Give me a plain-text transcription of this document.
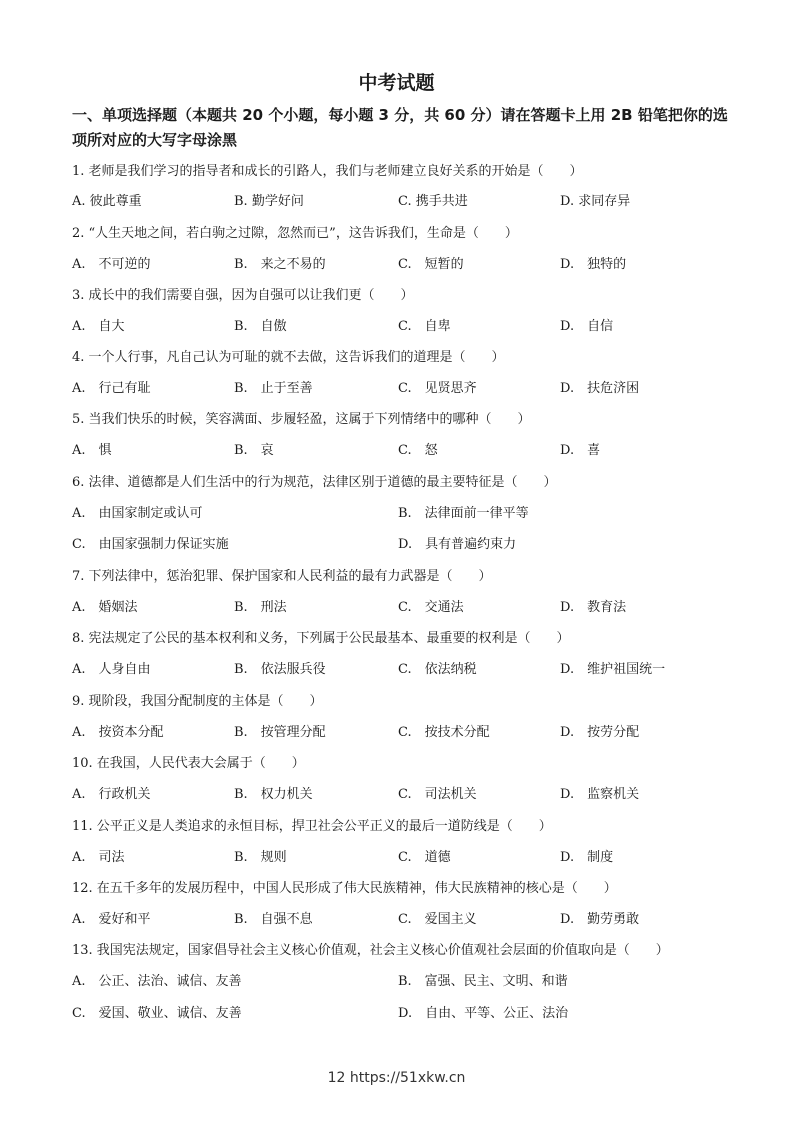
中考试题
一、单项选择题（本题共 20 个小题，每小题 3 分，共 60 分）请在答题卡上用 2B 铅笔把你的选项所对应的大写字母涂黑
1. 老师是我们学习的指导者和成长的引路人，我们与老师建立良好关系的开始是（　　）
A. 彼此尊重	B. 勤学好问	C. 携手共进	D. 求同存异
2. “人生天地之间，若白驹之过隙，忽然而已”，这告诉我们，生命是（　　）
A.　不可逆的	B.　来之不易的	C.　短暂的	D.　独特的
3. 成长中的我们需要自强，因为自强可以让我们更（　　）
A.　自大	B.　自傲	C.　自卑	D.　自信
4. 一个人行事，凡自己认为可耻的就不去做，这告诉我们的道理是（　　）
A.　行己有耻	B.　止于至善	C.　见贤思齐	D.　扶危济困
5. 当我们快乐的时候，笑容满面、步履轻盈，这属于下列情绪中的哪种（　　）
A.　惧	B.　哀	C.　怒	D.　喜
6. 法律、道德都是人们生活中的行为规范，法律区别于道德的最主要特征是（　　）
A.　由国家制定或认可	B.　法律面前一律平等
C.　由国家强制力保证实施	D.　具有普遍约束力
7. 下列法律中，惩治犯罪、保护国家和人民利益的最有力武器是（　　）
A.　婚姻法	B.　刑法	C.　交通法	D.　教育法
8. 宪法规定了公民的基本权利和义务，下列属于公民最基本、最重要的权利是（　　）
A.　人身自由	B.　依法服兵役	C.　依法纳税	D.　维护祖国统一
9. 现阶段，我国分配制度的主体是（　　）
A.　按资本分配	B.　按管理分配	C.　按技术分配	D.　按劳分配
10. 在我国，人民代表大会属于（　　）
A.　行政机关	B.　权力机关	C.　司法机关	D.　监察机关
11. 公平正义是人类追求的永恒目标，捍卫社会公平正义的最后一道防线是（　　）
A.　司法	B.　规则	C.　道德	D.　制度
12. 在五千多年的发展历程中，中国人民形成了伟大民族精神，伟大民族精神的核心是（　　）
A.　爱好和平	B.　自强不息	C.　爱国主义	D.　勤劳勇敢
13. 我国宪法规定，国家倡导社会主义核心价值观，社会主义核心价值观社会层面的价值取向是（　　）
A.　公正、法治、诚信、友善	B.　富强、民主、文明、和谐
C.　爱国、敬业、诚信、友善	D.　自由、平等、公正、法治
12 https://51xkw.cn
